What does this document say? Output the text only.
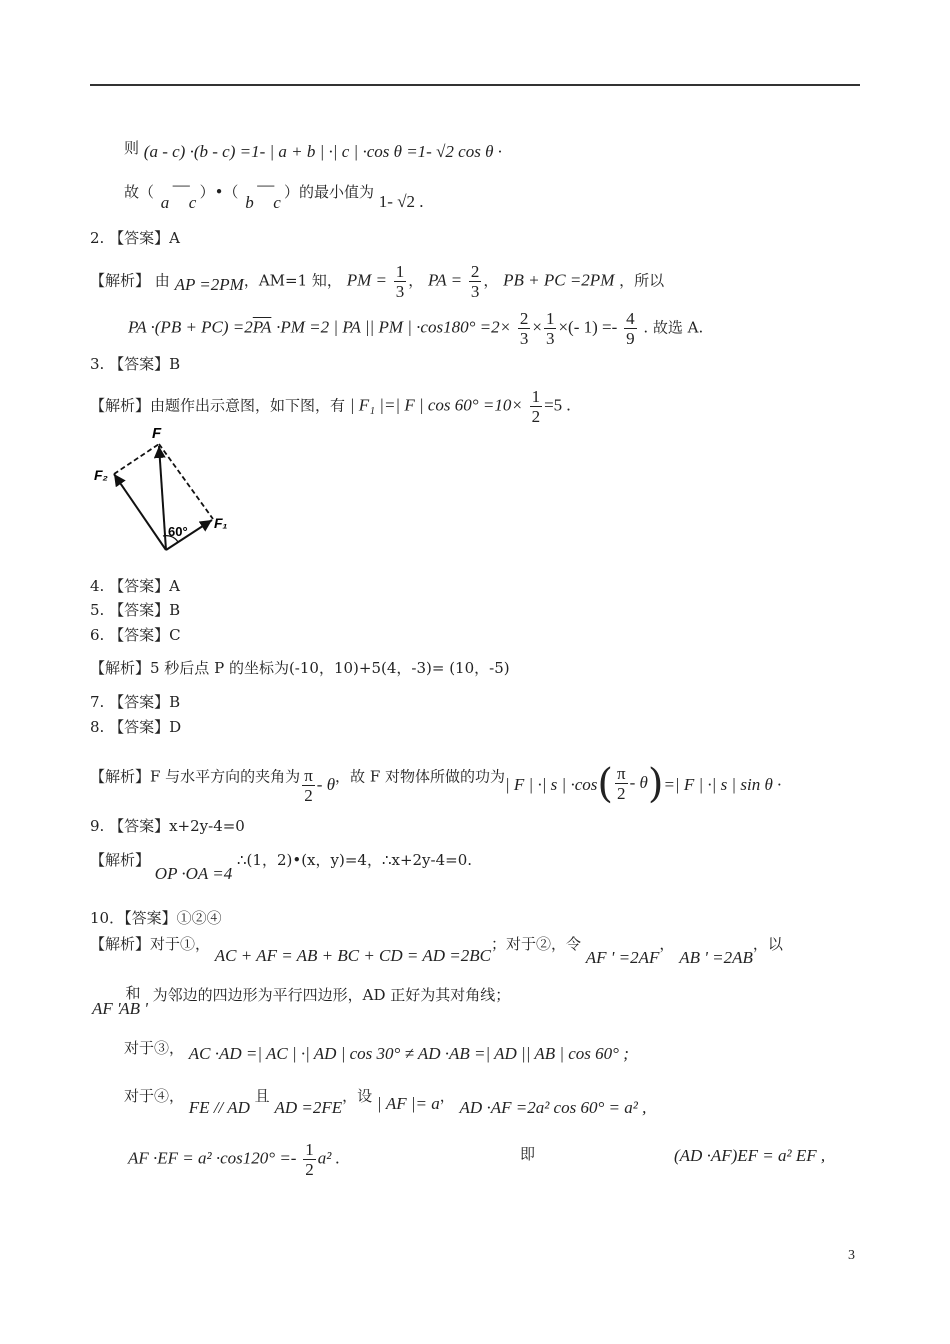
则 (a - c) ·(b - c) =1- | a + b | ·| c | ·cos θ =1- √2 cos θ ·
故（
a
—
c
）•（
b
—
c
）的最小值为 1- √2 .
2. 【答案】A
【解析】 由 AP =2PM，AM=1 知， PM = $\frac{1}{3}$ ， PA = $\frac{2}{3}$ ， PB + PC =2PM ，所以
PA $\cdot(PB + PC) =2\overline{PA} \cdot PM =2$ | PA || PM | $\cdot\cos 180^\circ =2\times \frac{2}{3} \times \frac{1}{3}$ ×(- $1) =- \frac{4}{9}$ . 故选 A.
3. 【答案】B
【解析】由题作出示意图，如下图，有 | F₁ |=| F | $\cos 60^\circ =10\times \frac{1}{2} =5$ .
F
F₂
F₁
60°
4. 【答案】A
5. 【答案】B
6. 【答案】C
【解析】5 秒后点 P 的坐标为(-10，10)+5(4，-3)= (10，-5)
7. 【答案】B
8. 【答案】D
【解析】F 与水平方向的夹角为 $\frac{\pi}{2}$ - θ，故 F 对物体所做的功为| F | ·| s | $\cdot\cos( \frac{\pi}{2} - \theta)=|$ F | ·| s | sin θ ·
9. 【答案】x+2y-4=0
【解析】 OP ·OA =4 ∴(1，2)•(x，y)=4，∴x+2y-4=0.
10．【答案】①②④
【解析】对于①， AC + AF = AB + BC + CD = AD =2BC；对于②，令 AF ' =2AF， AB ' =2AB，以
AF ' 和 AB ' 为邻边的四边形为平行四边形，AD 正好为其对角线；
对于③， AC ·AD =| AC | ·| AD | cos 30° ≠ AD ·AB =| AD || AB | cos 60° ;
对于④， FE // AD 且 AD =2FE，设 | AF |= a， AD ·AF =2a² cos 60° = a² ,
AF $\cdot EF = a^2 \cdot\cos 120^\circ =- \frac{1}{2} a^2$ .	即	(AD ·AF)EF = a² EF ,
3
